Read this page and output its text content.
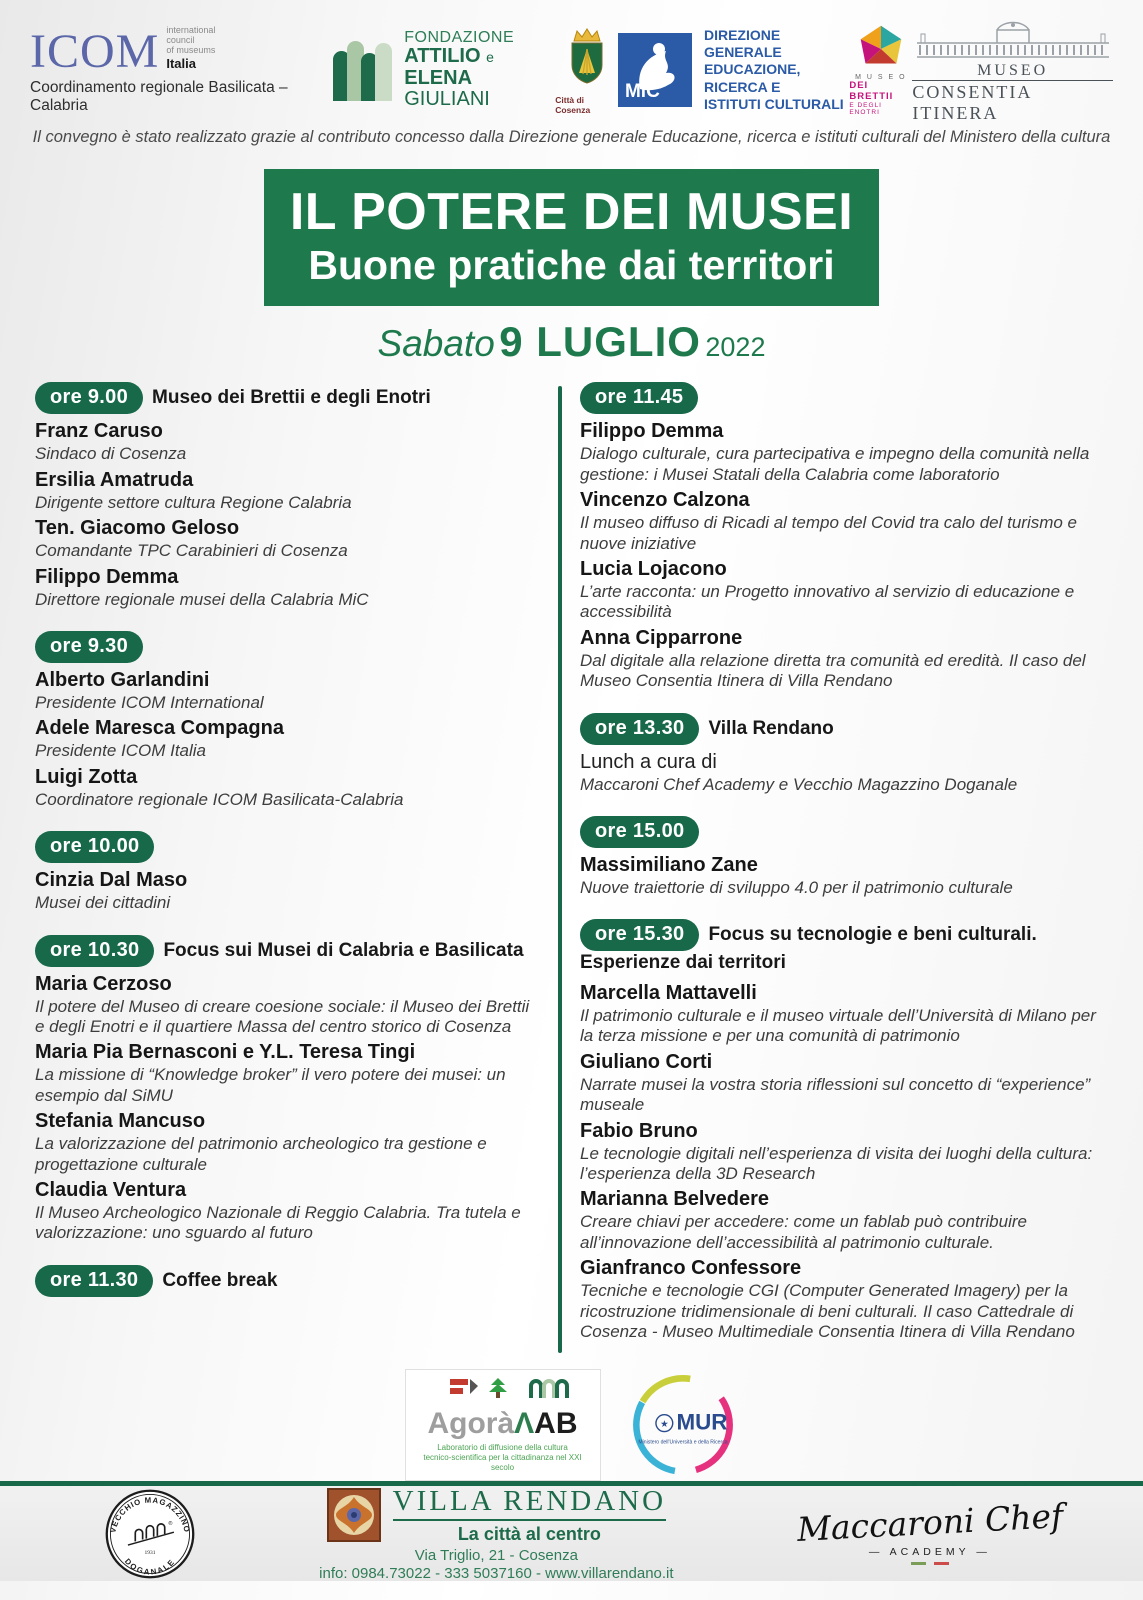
ICOM international
council
of museums
Italia
Coordinamento regionale Basilicata – Calabria
FONDAZIONE
ATTILIO e ELENA
GIULIANI	Città di Cosenza
MiC
DIREZIONE GENERALE
EDUCAZIONE,
RICERCA E
ISTITUTI CULTURALI
M U S E O
DEI BRETTII
E DEGLI ENOTRI
MUSEO
CONSENTIA ITINERA
Il convegno è stato realizzato grazie al contributo concesso dalla Direzione generale Educazione, ricerca e istituti culturali del Ministero della cultura
IL POTERE DEI MUSEI
Buone pratiche dai territori
Sabato 9 LUGLIO 2022
ore 9.00 Museo dei Brettii e degli Enotri
Franz Caruso
Sindaco di Cosenza
Ersilia Amatruda
Dirigente settore cultura Regione Calabria
Ten. Giacomo Geloso
Comandante TPC Carabinieri di Cosenza
Filippo Demma
Direttore regionale musei della Calabria MiC
ore 9.30
Alberto Garlandini
Presidente ICOM International
Adele Maresca Compagna
Presidente ICOM Italia
Luigi Zotta
Coordinatore regionale ICOM Basilicata-Calabria
ore 10.00
Cinzia Dal Maso
Musei dei cittadini
ore 10.30 Focus sui Musei di Calabria e Basilicata
Maria Cerzoso
Il potere del Museo di creare coesione sociale: il Museo dei Brettii e degli Enotri e il quartiere Massa del centro storico di Cosenza
Maria Pia Bernasconi e Y.L. Teresa Tingi
La missione di “Knowledge broker” il vero potere dei musei: un esempio dal SiMU
Stefania Mancuso
La valorizzazione del patrimonio archeologico tra gestione e progettazione culturale
Claudia Ventura
Il Museo Archeologico Nazionale di Reggio Calabria. Tra tutela e valorizzazione: uno sguardo al futuro
ore 11.30 Coffee break
ore 11.45
Filippo Demma
Dialogo culturale, cura partecipativa e impegno della comunità nella gestione: i Musei Statali della Calabria come laboratorio
Vincenzo Calzona
Il museo diffuso di Ricadi al tempo del Covid tra calo del turismo e nuove iniziative
Lucia Lojacono
L’arte racconta: un Progetto innovativo al servizio di educazione e accessibilità
Anna Cipparrone
Dal digitale alla relazione diretta tra comunità ed eredità. Il caso del Museo Consentia Itinera di Villa Rendano
ore 13.30 Villa Rendano
Lunch a cura di
Maccaroni Chef Academy e Vecchio Magazzino Doganale
ore 15.00
Massimiliano Zane
Nuove traiettorie di sviluppo 4.0 per il patrimonio culturale
ore 15.30 Focus su tecnologie e beni culturali. Esperienze dai territori
Marcella Mattavelli
Il patrimonio culturale e il museo virtuale dell’Università di Milano per la terza missione e per una comunità di patrimonio
Giuliano Corti
Narrate musei la vostra storia riflessioni sul concetto di “experience” museale
Fabio Bruno
Le tecnologie digitali nell’esperienza di visita dei luoghi della cultura: l’esperienza della 3D Research
Marianna Belvedere
Creare chiavi per accedere: come un fablab può contribuire all’innovazione dell’accessibilità al patrimonio culturale.
Gianfranco Confessore
Tecniche e tecnologie CGI (Computer Generated Imagery) per la ricostruzione tridimensionale di beni culturali. Il caso Cattedrale di Cosenza - Museo Multimediale Consentia Itinera di Villa Rendano
AgoràΛAB
Laboratorio di diffusione della cultura
tecnico-scientifica per la cittadinanza nel XXI secolo
★ MUR
Ministero dell'Università e della Ricerca
VECCHIO MAGAZZINO
DOGANALE
®
1931
VILLA RENDANO
La città al centro
Via Triglio, 21 - Cosenza
info: 0984.73022 - 333 5037160 - www.villarendano.it
Maccaroni Chef
— ACADEMY —
